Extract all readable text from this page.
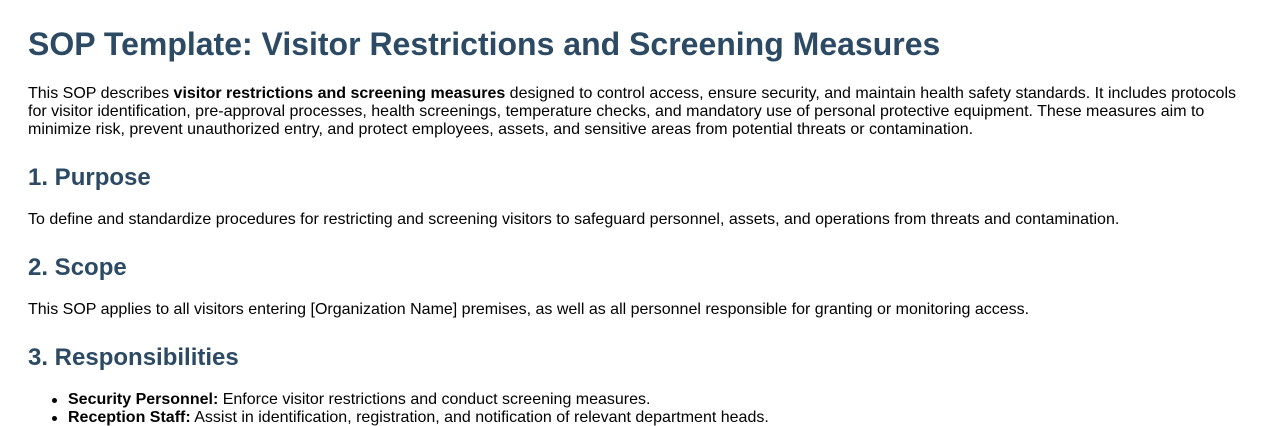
SOP Template: Visitor Restrictions and Screening Measures

This SOP describes visitor restrictions and screening measures designed to control access, ensure security, and maintain health safety standards. It includes protocols for visitor identification, pre-approval processes, health screenings, temperature checks, and mandatory use of personal protective equipment. These measures aim to minimize risk, prevent unauthorized entry, and protect employees, assets, and sensitive areas from potential threats or contamination.

1. Purpose

To define and standardize procedures for restricting and screening visitors to safeguard personnel, assets, and operations from threats and contamination.

2. Scope

This SOP applies to all visitors entering [Organization Name] premises, as well as all personnel responsible for granting or monitoring access.

3. Responsibilities
Security Personnel: Enforce visitor restrictions and conduct screening measures.
Reception Staff: Assist in identification, registration, and notification of relevant department heads.
